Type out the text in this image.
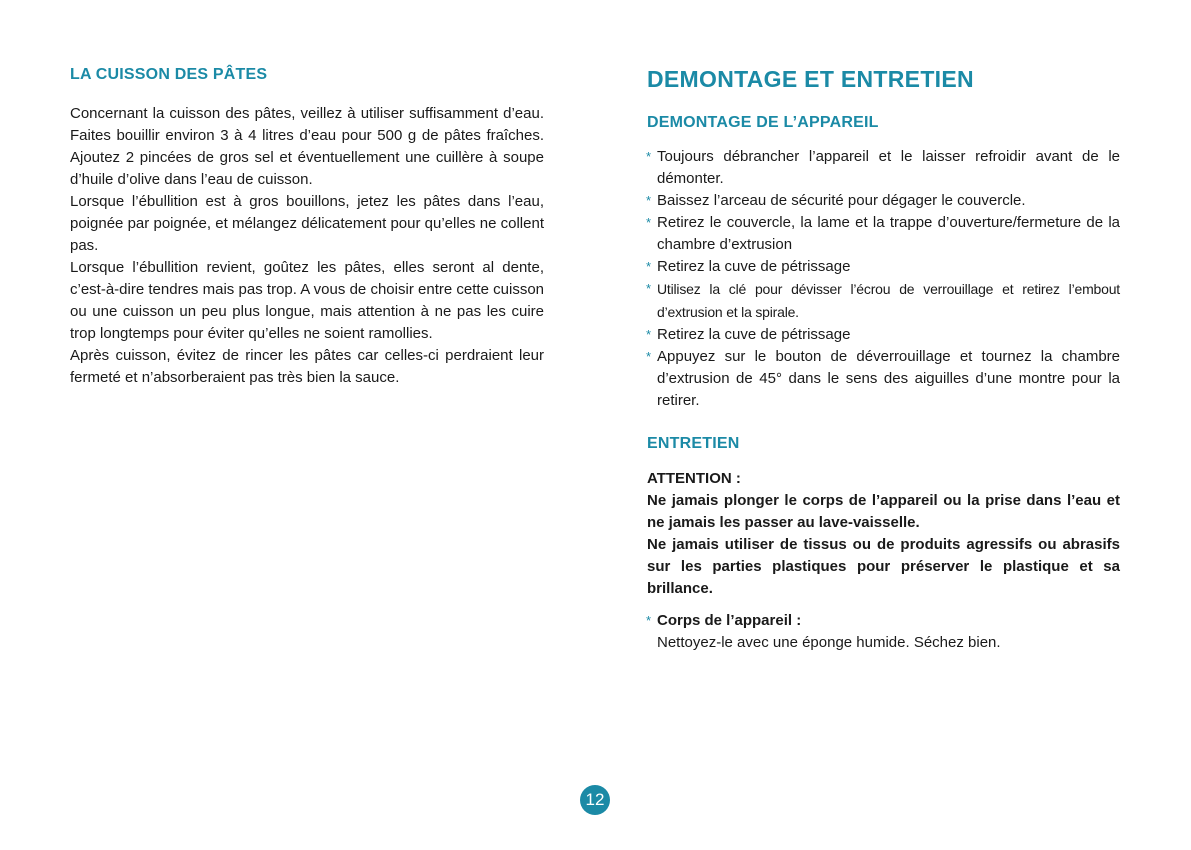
LA CUISSON DES PÂTES

Concernant la cuisson des pâtes, veillez à utiliser suffisamment d’eau. Faites bouillir environ 3 à 4 litres d’eau pour 500 g de pâtes fraîches. Ajoutez 2 pincées de gros sel et éventuellement une cuillère à soupe d’huile d’olive dans l’eau de cuisson.

Lorsque l’ébullition est à gros bouillons, jetez les pâtes dans l’eau, poignée par poignée, et mélangez délicatement pour qu’elles ne collent pas.

Lorsque l’ébullition revient, goûtez les pâtes, elles seront al dente, c’est-à-dire tendres mais pas trop. A vous de choisir entre cette cuisson ou une cuisson un peu plus longue, mais attention à ne pas les cuire trop longtemps pour éviter qu’elles ne soient ramollies.

Après cuisson, évitez de rincer les pâtes car celles-ci perdraient leur fermeté et n’absorberaient pas très bien la sauce.

DEMONTAGE ET ENTRETIEN
DEMONTAGE DE L’APPAREIL
* Toujours débrancher l’appareil et le laisser refroidir avant de le démonter.
* Baissez l’arceau de sécurité pour dégager le couvercle.
* Retirez le couvercle, la lame et la trappe d’ouverture/fermeture de la chambre d’extrusion
* Retirez la cuve de pétrissage
* Utilisez la clé pour dévisser l’écrou de verrouillage et retirez l’embout d’extrusion et la spirale.
* Retirez la cuve de pétrissage
* Appuyez sur le bouton de déverrouillage et tournez la chambre d’extrusion de 45° dans le sens des aiguilles d’une montre pour la retirer.
ENTRETIEN

ATTENTION :

Ne jamais plonger le corps de l’appareil ou la prise dans l’eau et ne jamais les passer au lave-vaisselle.

Ne jamais utiliser de tissus ou de produits agressifs ou abrasifs sur les parties plastiques pour préserver le plastique et sa brillance.

* Corps de l’appareil :
Nettoyez-le avec une éponge humide. Séchez bien.
12
